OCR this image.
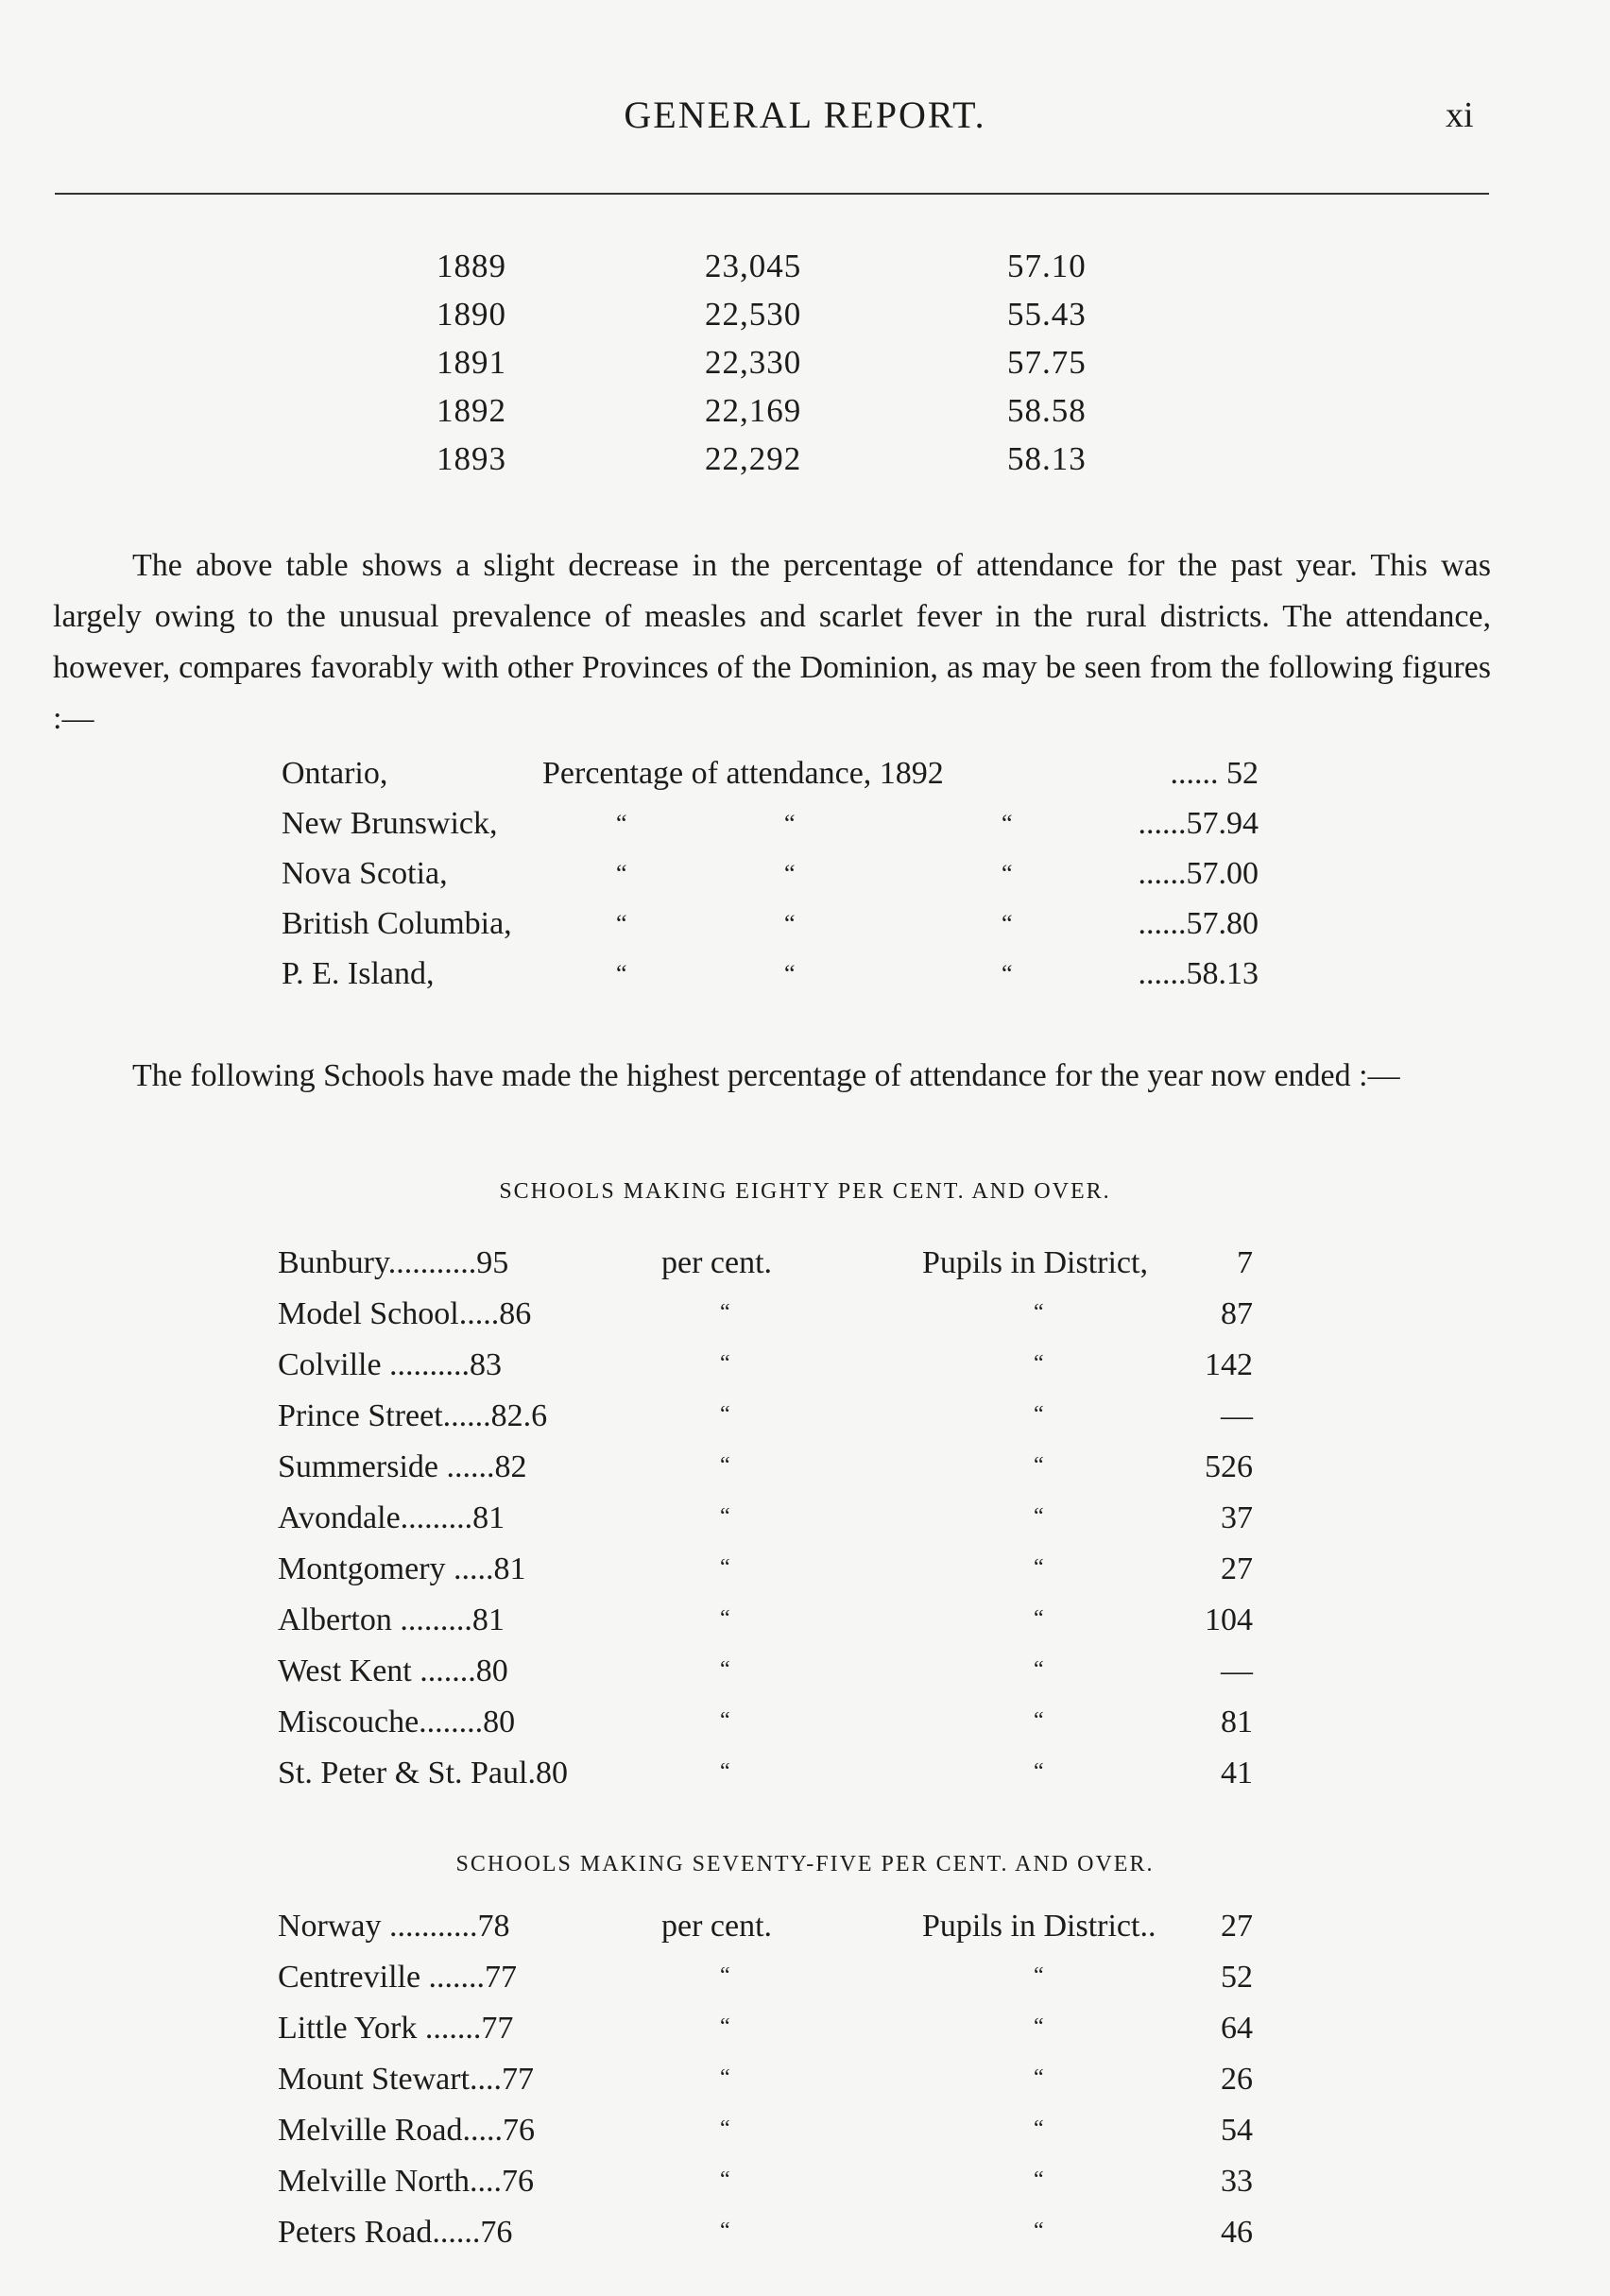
GENERAL REPORT.	xi
1889	23,045	57.10
1890	22,530	55.43
1891	22,330	57.75
1892	22,169	58.58
1893	22,292	58.13
The above table shows a slight decrease in the percentage of attendance for the past year. This was largely owing to the unusual prevalence of measles and scarlet fever in the rural districts. The attendance, however, compares favorably with other Provinces of the Dominion, as may be seen from the following figures :—
Ontario,	Percentage of attendance, 1892	...... 52
New Brunswick,	“	“	“	......57.94
Nova Scotia,	“	“	“	......57.00
British Columbia,	“	“	“	......57.80
P. E. Island,	“	“	“	......58.13
The following Schools have made the highest percentage of attendance for the year now ended :—
SCHOOLS MAKING EIGHTY PER CENT. AND OVER.
Bunbury...........95	per cent.	Pupils in District,	7
Model School.....86	“	“	87
Colville ..........83	“	“	142
Prince Street......82.6	“	“	—
Summerside ......82	“	“	526
Avondale.........81	“	“	37
Montgomery .....81	“	“	27
Alberton .........81	“	“	104
West Kent .......80	“	“	—
Miscouche........80	“	“	81
St. Peter & St. Paul.80	“	“	41
SCHOOLS MAKING SEVENTY-FIVE PER CENT. AND OVER.
Norway ...........78	per cent.	Pupils in District..	27
Centreville .......77	“	“	52
Little York .......77	“	“	64
Mount Stewart....77	“	“	26
Melville Road.....76	“	“	54
Melville North....76	“	“	33
Peters Road......76	“	“	46
